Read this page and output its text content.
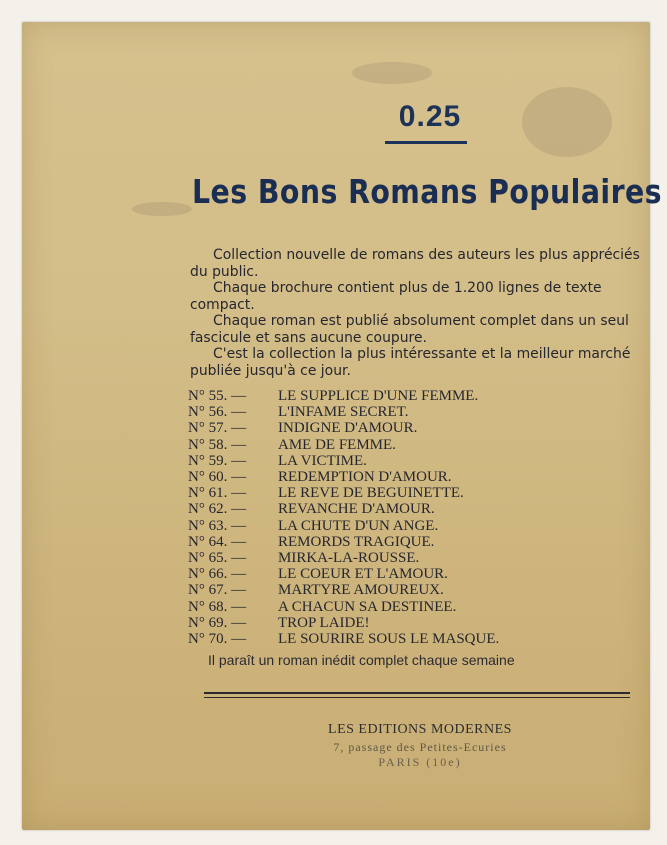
0.25
Les Bons Romans Populaires

Collection nouvelle de romans des auteurs les plus appréciés du public.

Chaque brochure contient plus de 1.200 lignes de texte compact.

Chaque roman est publié absolument complet dans un seul fascicule et sans aucune coupure.

C'est la collection la plus intéressante et la meilleur marché publiée jusqu'à ce jour.

N° 55. — LE SUPPLICE D'UNE FEMME.
N° 56. — L'INFAME SECRET.
N° 57. — INDIGNE D'AMOUR.
N° 58. — AME DE FEMME.
N° 59. — LA VICTIME.
N° 60. — REDEMPTION D'AMOUR.
N° 61. — LE REVE DE BEGUINETTE.
N° 62. — REVANCHE D'AMOUR.
N° 63. — LA CHUTE D'UN ANGE.
N° 64. — REMORDS TRAGIQUE.
N° 65. — MIRKA-LA-ROUSSE.
N° 66. — LE COEUR ET L'AMOUR.
N° 67. — MARTYRE AMOUREUX.
N° 68. — A CHACUN SA DESTINEE.
N° 69. — TROP LAIDE!
N° 70. — LE SOURIRE SOUS LE MASQUE.
Il paraît un roman inédit complet chaque semaine
LES EDITIONS MODERNES
7, passage des Petites-Ecuries
PARIS (10e)
